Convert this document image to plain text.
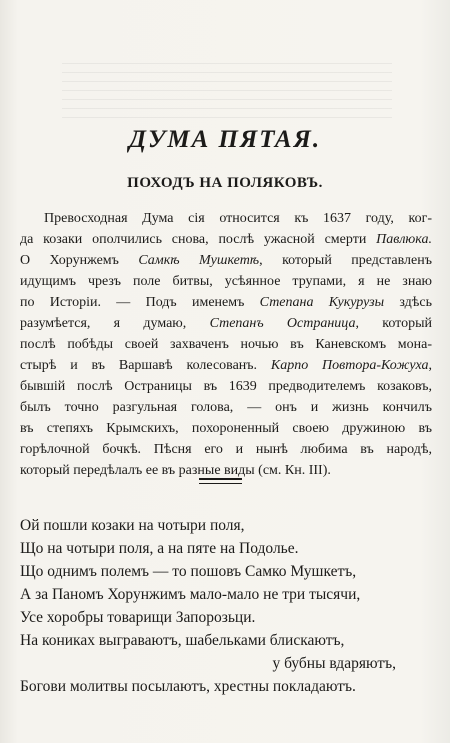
ДУМА ПЯТАЯ.
ПОХОДЪ НА ПОЛЯКОВЪ.
Превосходная Дума сія относится къ 1637 году, ког-
да козаки ополчились снова, послѣ ужасной смерти Павлюка.
О Хорунжемъ Самкѣ Мушкетѣ, который представленъ
идущимъ чрезъ поле битвы, усѣянное трупами, я не знаю
по Исторіи. — Подъ именемъ Степана Кукурузы здѣсь
разумѣется, я думаю, Степанъ Остраница, который
послѣ побѣды своей захваченъ ночью въ Каневскомъ мона-
стырѣ и въ Варшавѣ колесованъ. Карпо Повтора-Кожуха,
бывшій послѣ Остраницы въ 1639 предводителемъ козаковъ,
былъ точно разгульная голова, — онъ и жизнь кончилъ
въ степяхъ Крымскихъ, похороненный своею дружиною въ
горѣлочной бочкѣ. Пѣсня его и нынѣ любима въ народѣ,
который передѣлалъ ее въ разные виды (см. Кн. III).
Ой пошли козаки на чотыри поля,
Що на чотыри поля, а на пяте на Подолье.
Що однимъ полемъ — то пошовъ Самко Мушкетъ,
А за Паномъ Хорунжимъ мало-мало не три тысячи,
Усе хоробры товарищи Запорозьци.
На кониках выграваютъ, шабельками блискаютъ,
у бубны вдаряютъ,
Богови молитвы посылаютъ, хрестны покладаютъ.
